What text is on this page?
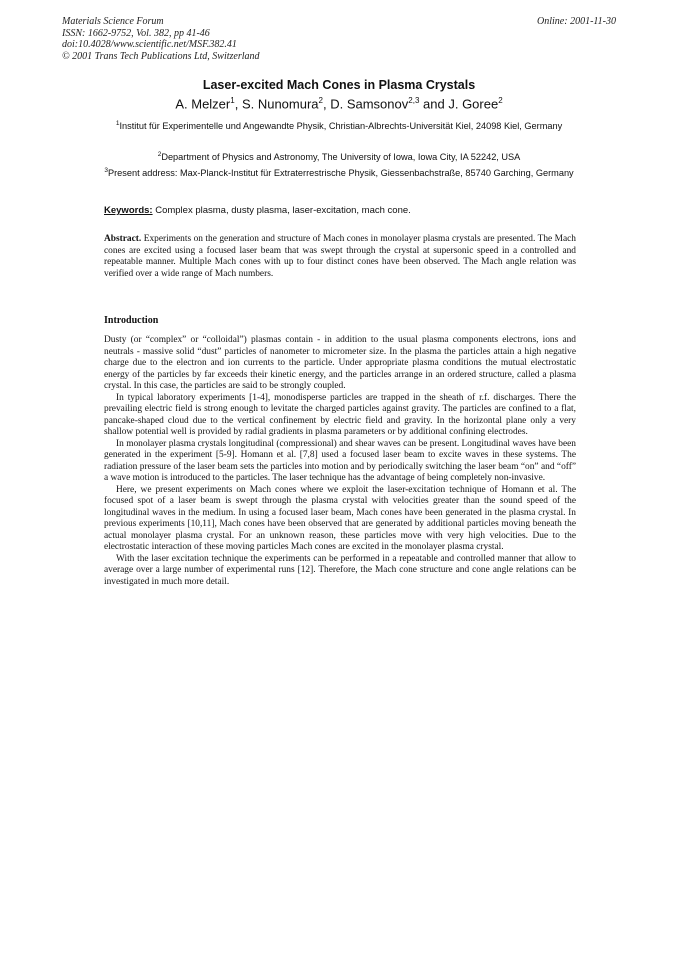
Materials Science Forum
ISSN: 1662-9752, Vol. 382, pp 41-46
doi:10.4028/www.scientific.net/MSF.382.41
© 2001 Trans Tech Publications Ltd, Switzerland
Online: 2001-11-30
Laser-excited Mach Cones in Plasma Crystals
A. Melzer$^1$, S. Nunomura$^2$, D. Samsonov$^{2,3}$ and J. Goree$^2$
$^1$Institut für Experimentelle und Angewandte Physik, Christian-Albrechts-Universität Kiel, 24098 Kiel, Germany
$^2$Department of Physics and Astronomy, The University of Iowa, Iowa City, IA 52242, USA
$^3$Present address: Max-Planck-Institut für Extraterrestrische Physik, Giessenbachstraße, 85740 Garching, Germany
Keywords: Complex plasma, dusty plasma, laser-excitation, mach cone.
Abstract. Experiments on the generation and structure of Mach cones in monolayer plasma crystals are presented. The Mach cones are excited using a focused laser beam that was swept through the crystal at supersonic speed in a controlled and repeatable manner. Multiple Mach cones with up to four distinct cones have been observed. The Mach angle relation was verified over a wide range of Mach numbers.
Introduction

Dusty (or “complex” or “colloidal”) plasmas contain - in addition to the usual plasma components electrons, ions and neutrals - massive solid “dust” particles of nanometer to micrometer size. In the plasma the particles attain a high negative charge due to the electron and ion currents to the particle. Under appropriate plasma conditions the mutual electrostatic energy of the particles by far exceeds their kinetic energy, and the particles arrange in an ordered structure, called a plasma crystal. In this case, the particles are said to be strongly coupled.

In typical laboratory experiments [1-4], monodisperse particles are trapped in the sheath of r.f. discharges. There the prevailing electric field is strong enough to levitate the charged particles against gravity. The particles are confined to a flat, pancake-shaped cloud due to the vertical confinement by electric field and gravity. In the horizontal plane only a very shallow potential well is provided by radial gradients in plasma parameters or by additional confining electrodes.

In monolayer plasma crystals longitudinal (compressional) and shear waves can be present. Longitudinal waves have been generated in the experiment [5-9]. Homann et al. [7,8] used a focused laser beam to excite waves in these systems. The radiation pressure of the laser beam sets the particles into motion and by periodically switching the laser beam “on” and “off” a wave motion is introduced to the particles. The laser technique has the advantage of being completely non-invasive.

Here, we present experiments on Mach cones where we exploit the laser-excitation technique of Homann et al. The focused spot of a laser beam is swept through the plasma crystal with velocities greater than the sound speed of the longitudinal waves in the medium. In using a focused laser beam, Mach cones have been generated in the plasma crystal. In previous experiments [10,11], Mach cones have been observed that are generated by additional particles moving beneath the actual monolayer plasma crystal. For an unknown reason, these particles move with very high velocities. Due to the electrostatic interaction of these moving particles Mach cones are excited in the monolayer plasma crystal.

With the laser excitation technique the experiments can be performed in a repeatable and controlled manner that allow to average over a large number of experimental runs [12]. Therefore, the Mach cone structure and cone angle relations can be investigated in much more detail.
